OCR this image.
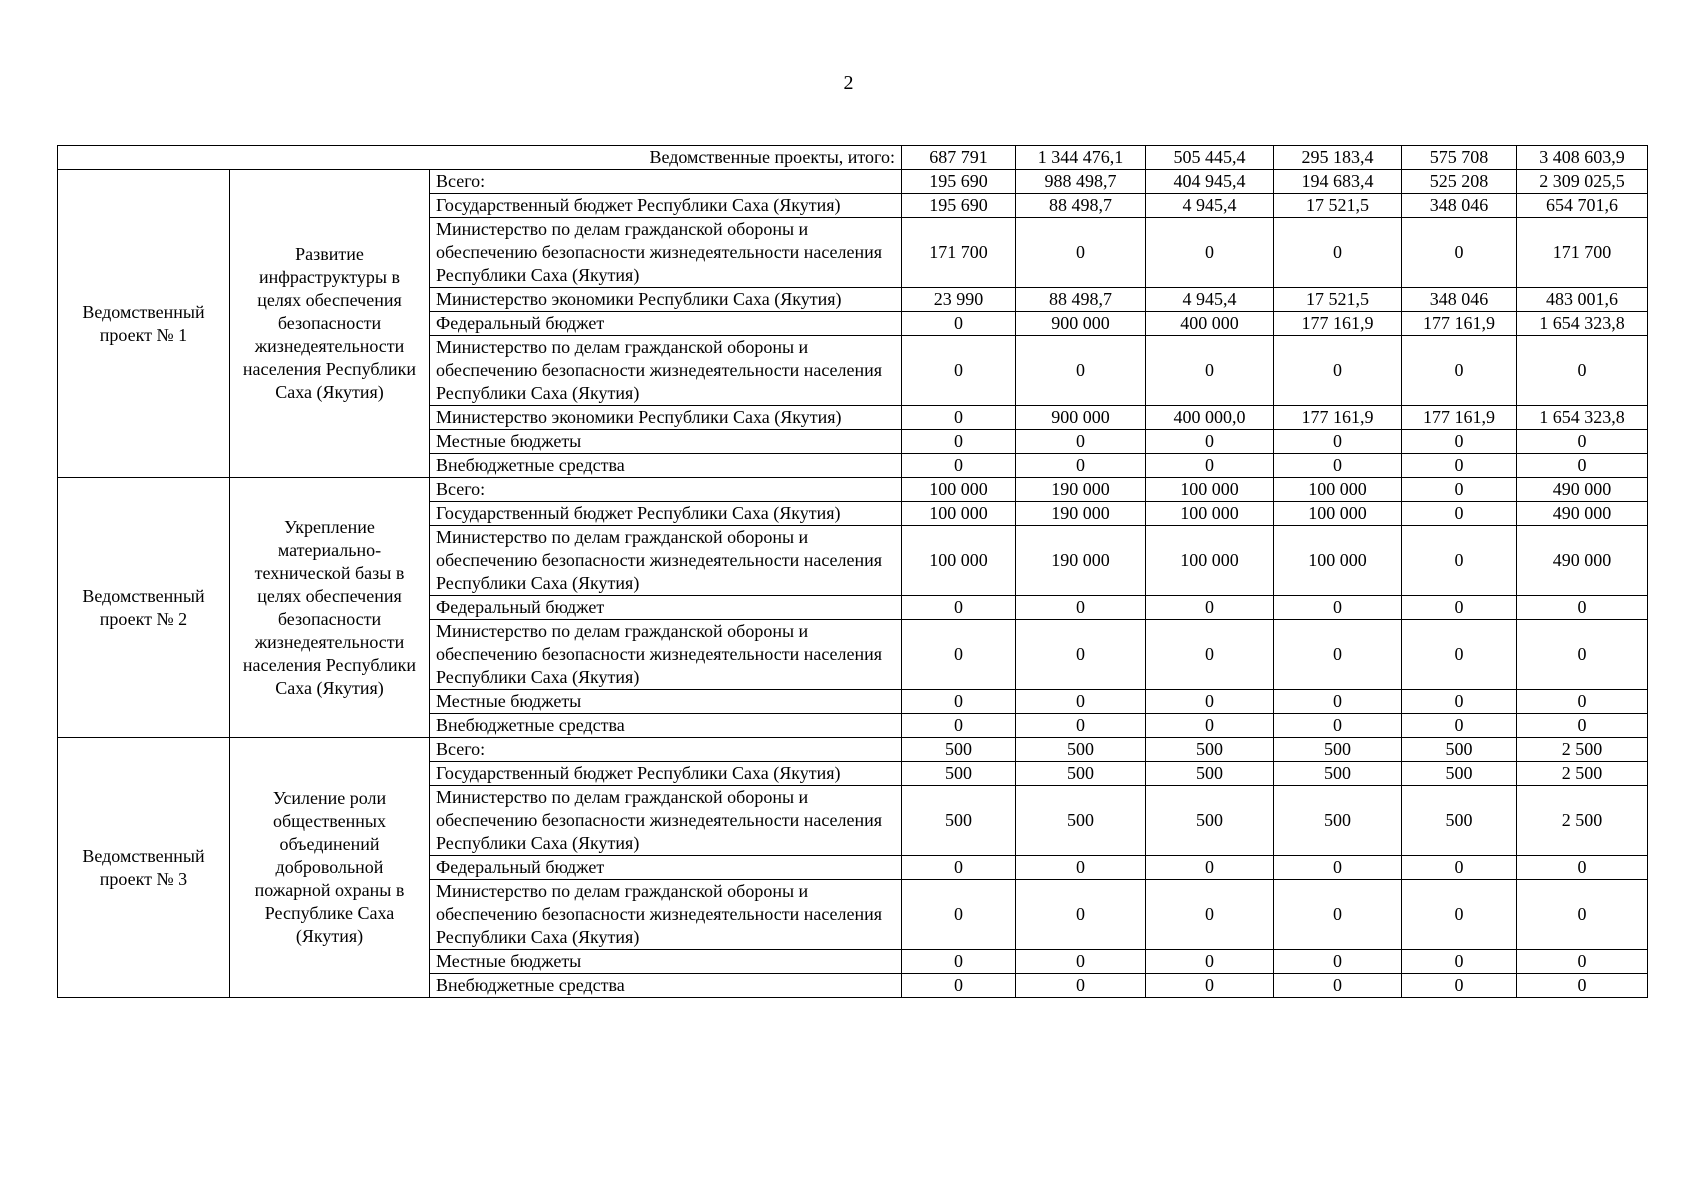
2
Ведомственные проекты, итого:			687 791	1 344 476,1	505 445,4	295 183,4	575 708	3 408 603,9
Ведомственный проект № 1	Развитие инфраструктуры в целях обеспечения безопасности жизнедеятельности населения Республики Саха (Якутия)	Всего:	195 690	988 498,7	404 945,4	194 683,4	525 208	2 309 025,5
		Государственный бюджет Республики Саха (Якутия)	195 690	88 498,7	4 945,4	17 521,5	348 046	654 701,6
		Министерство по делам гражданской обороны и обеспечению безопасности жизнедеятельности населения Республики Саха (Якутия)	171 700	0	0	0	0	171 700
		Министерство экономики Республики Саха (Якутия)	23 990	88 498,7	4 945,4	17 521,5	348 046	483 001,6
		Федеральный бюджет	0	900 000	400 000	177 161,9	177 161,9	1 654 323,8
		Министерство по делам гражданской обороны и обеспечению безопасности жизнедеятельности населения Республики Саха (Якутия)	0	0	0	0	0	0
		Министерство экономики Республики Саха (Якутия)	0	900 000	400 000,0	177 161,9	177 161,9	1 654 323,8
		Местные бюджеты	0	0	0	0	0	0
		Внебюджетные средства	0	0	0	0	0	0
Ведомственный проект № 2	Укрепление материально-технической базы в целях обеспечения безопасности жизнедеятельности населения Республики Саха (Якутия)	Всего:	100 000	190 000	100 000	100 000	0	490 000
		Государственный бюджет Республики Саха (Якутия)	100 000	190 000	100 000	100 000	0	490 000
		Министерство по делам гражданской обороны и обеспечению безопасности жизнедеятельности населения Республики Саха (Якутия)	100 000	190 000	100 000	100 000	0	490 000
		Федеральный бюджет	0	0	0	0	0	0
		Министерство по делам гражданской обороны и обеспечению безопасности жизнедеятельности населения Республики Саха (Якутия)	0	0	0	0	0	0
		Местные бюджеты	0	0	0	0	0	0
		Внебюджетные средства	0	0	0	0	0	0
Ведомственный проект № 3	Усиление роли общественных объединений добровольной пожарной охраны в Республике Саха (Якутия)	Всего:	500	500	500	500	500	2 500
		Государственный бюджет Республики Саха (Якутия)	500	500	500	500	500	2 500
		Министерство по делам гражданской обороны и обеспечению безопасности жизнедеятельности населения Республики Саха (Якутия)	500	500	500	500	500	2 500
		Федеральный бюджет	0	0	0	0	0	0
		Министерство по делам гражданской обороны и обеспечению безопасности жизнедеятельности населения Республики Саха (Якутия)	0	0	0	0	0	0
		Местные бюджеты	0	0	0	0	0	0
		Внебюджетные средства	0	0	0	0	0	0
